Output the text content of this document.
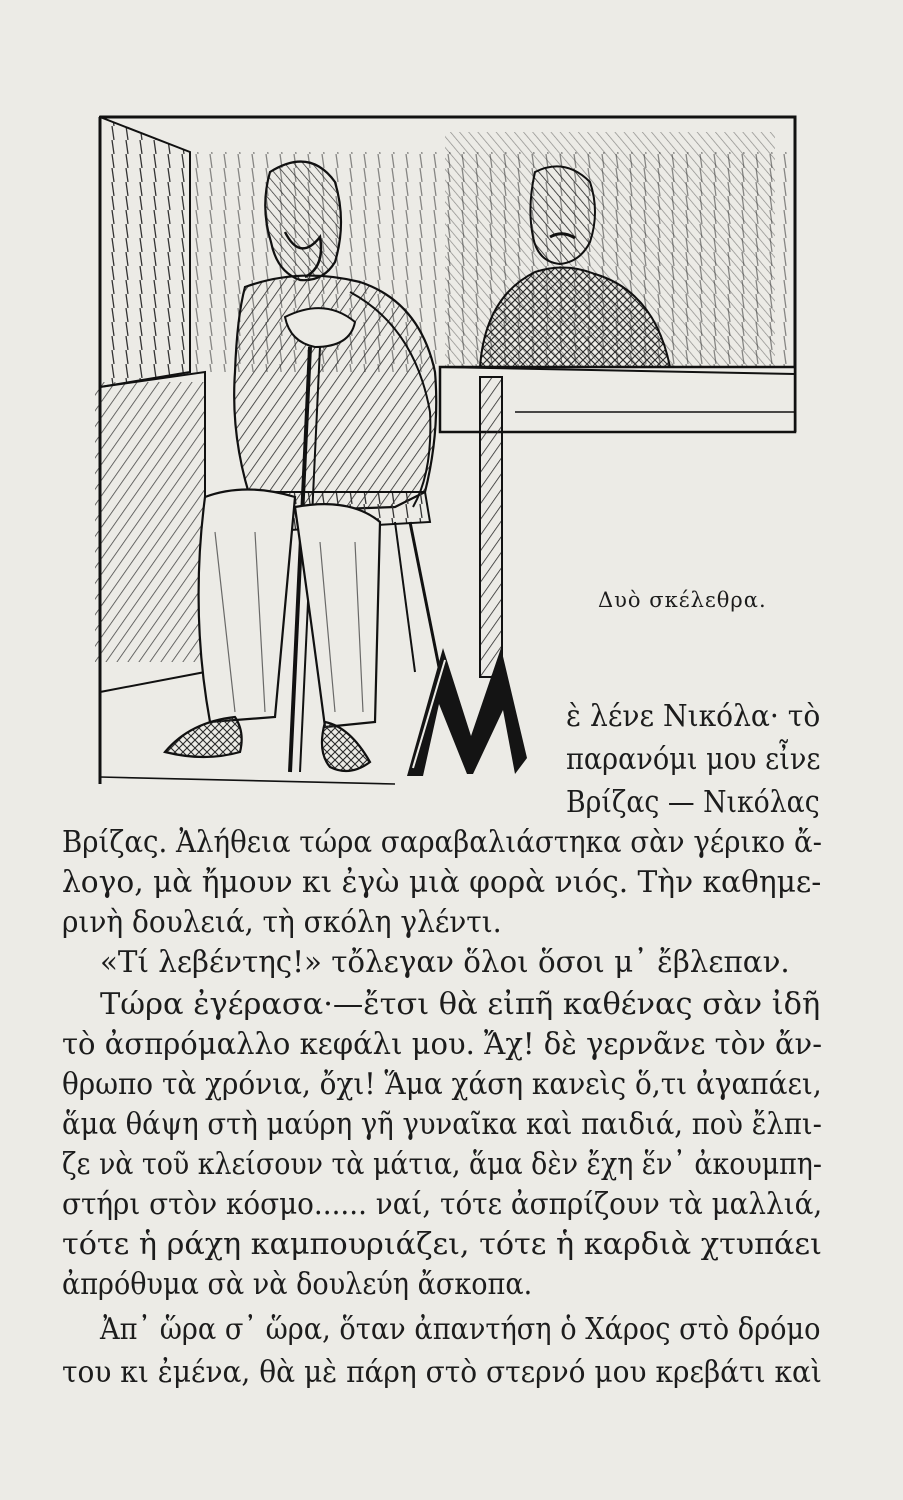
Δυὸ σκέλεθρα.
ὲ λένε Νικόλα· τὸ
παρανόμι μου εἶνε
Βρίζας — Νικόλας
Βρίζας. Ἀλήθεια τώρα σαραβαλιάστηκα σὰν γέρικο ἄ-
λογο, μὰ ἤμουν κι ἐγὼ μιὰ φορὰ νιός. Τὴν καθημε-
ρινὴ δουλειά, τὴ σκόλη γλέντι.
«Τί λεβέντης!» τὄλεγαν ὅλοι ὅσοι μ᾽ ἔβλεπαν.
Τώρα ἐγέρασα·—ἔτσι θὰ εἰπῆ καθένας σὰν ἰδῆ
τὸ ἀσπρόμαλλο κεφάλι μου. Ἄχ! δὲ γερνᾶνε τὸν ἄν-
θρωπο τὰ χρόνια, ὄχι! Ἅμα χάση κανεὶς ὅ,τι ἀγαπάει,
ἅμα θάψη στὴ μαύρη γῆ γυναῖκα καὶ παιδιά, ποὺ ἔλπι-
ζε νὰ τοῦ κλείσουν τὰ μάτια, ἅμα δὲν ἔχη ἕν᾽ ἀκουμπη-
στήρι στὸν κόσμο...... ναί, τότε ἀσπρίζουν τὰ μαλλιά,
τότε ἡ ράχη καμπουριάζει, τότε ἡ καρδιὰ χτυπάει
ἀπρόθυμα σὰ νὰ δουλεύη ἄσκοπα.
Ἀπ᾽ ὥρα σ᾽ ὥρα, ὅταν ἀπαντήση ὁ Χάρος στὸ δρόμο
του κι ἐμένα, θὰ μὲ πάρη στὸ στερνό μου κρεβάτι καὶ
